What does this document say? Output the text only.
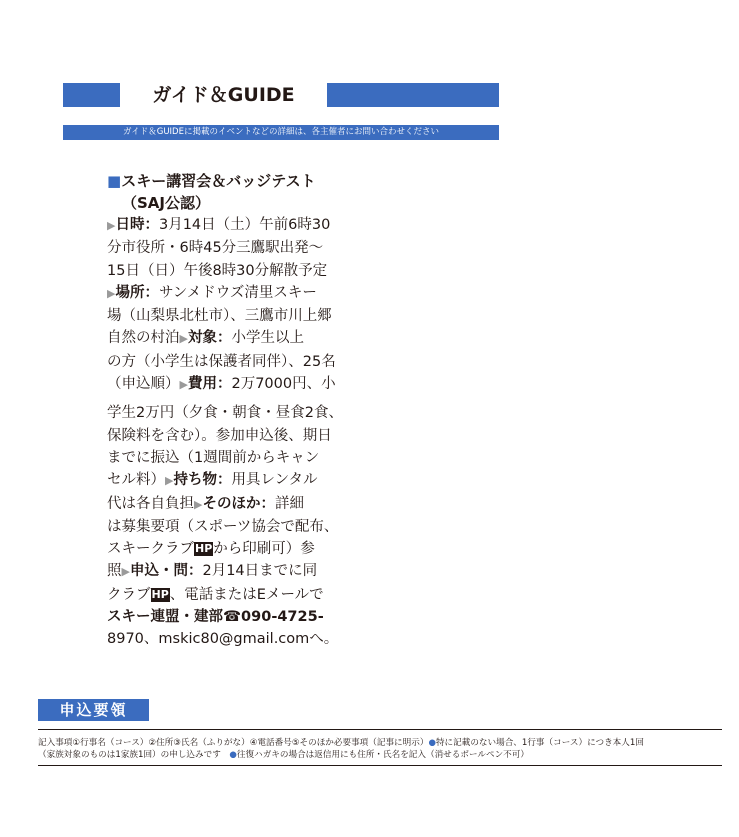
ガイド＆GUIDE
ガイド＆GUIDEに掲載のイベントなどの詳細は、各主催者にお問い合わせください
■スキー講習会＆バッジテスト
（SAJ公認）
▶日時：3月14日（土）午前6時30
分市役所・6時45分三鷹駅出発〜
15日（日）午後8時30分解散予定
▶場所：サンメドウズ清里スキー
場（山梨県北杜市）、三鷹市川上郷
自然の村泊▶対象：小学生以上
の方（小学生は保護者同伴）、25名
（申込順）▶費用：2万7000円、小
学生2万円（夕食・朝食・昼食2食、
保険料を含む）。参加申込後、期日
までに振込（1週間前からキャン
セル料）▶持ち物：用具レンタル
代は各自負担▶そのほか：詳細
は募集要項（スポーツ協会で配布、
スキークラブHPから印刷可）参
照▶申込・問：2月14日までに同
クラブHP、電話またはEメールで
スキー連盟・建部☎090-4725-
8970、mskic80@gmail.comへ。
申込要領
記入事項①行事名（コース）②住所③氏名（ふりがな）④電話番号⑤そのほか必要事項（記事に明示）●特に記載のない場合、1行事（コース）につき本人1回
（家族対象のものは1家族1回）の申し込みです　 ●往復ハガキの場合は返信用にも住所・氏名を記入（消せるボールペン不可）
